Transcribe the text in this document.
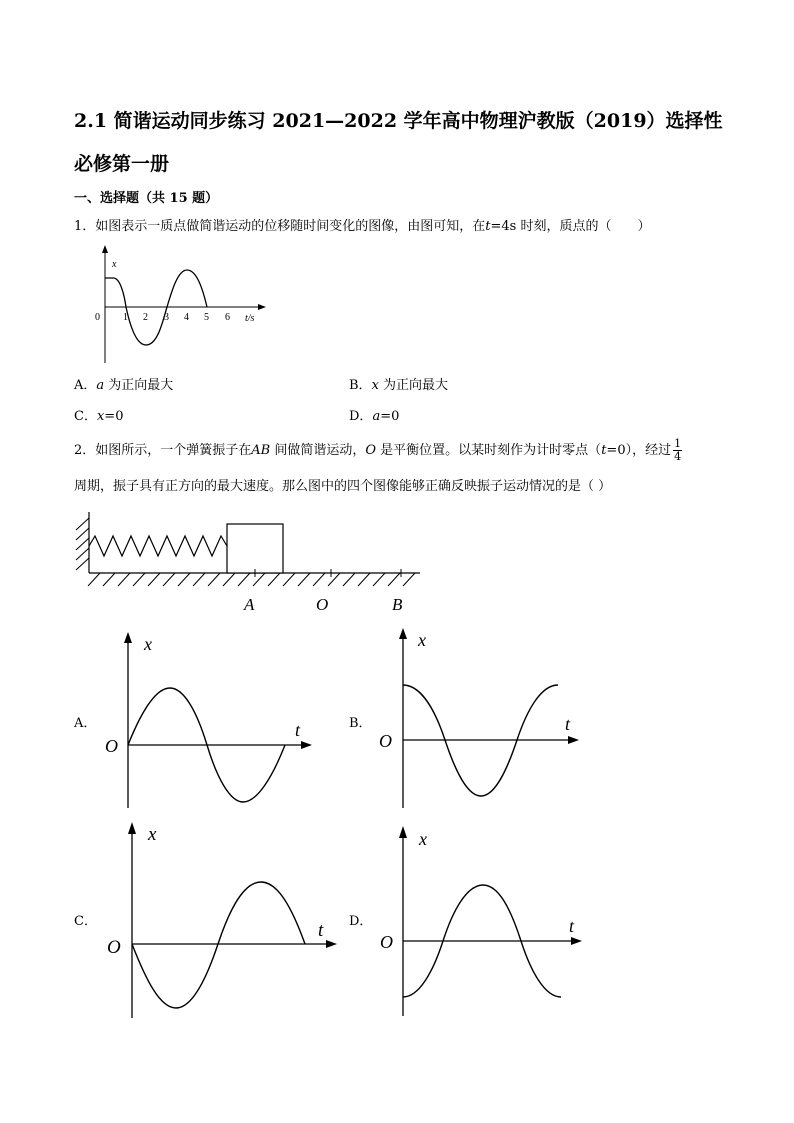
2.1 简谐运动同步练习 2021—2022 学年高中物理沪教版（2019）选择性必修第一册
一、选择题（共 15 题）
1．如图表示一质点做简谐运动的位移随时间变化的图像，由图可知，在t=4s 时刻，质点的（　　）
x
0 1 2 3 4 5 6 t/s
A．a 为正向最大	B．x 为正向最大
C．x=0	D．a=0
2．如图所示，一个弹簧振子在AB 间做简谐运动，O 是平衡位置。以某时刻作为计时零点（t=0），经过 $\frac{1}{4}$
周期，振子具有正方向的最大速度。那么图中的四个图像能够正确反映振子运动情况的是（ ）
A	O	B
A．
x
t
O
B．
x
t
O
C．
x
t
O
D．
x
t
O
